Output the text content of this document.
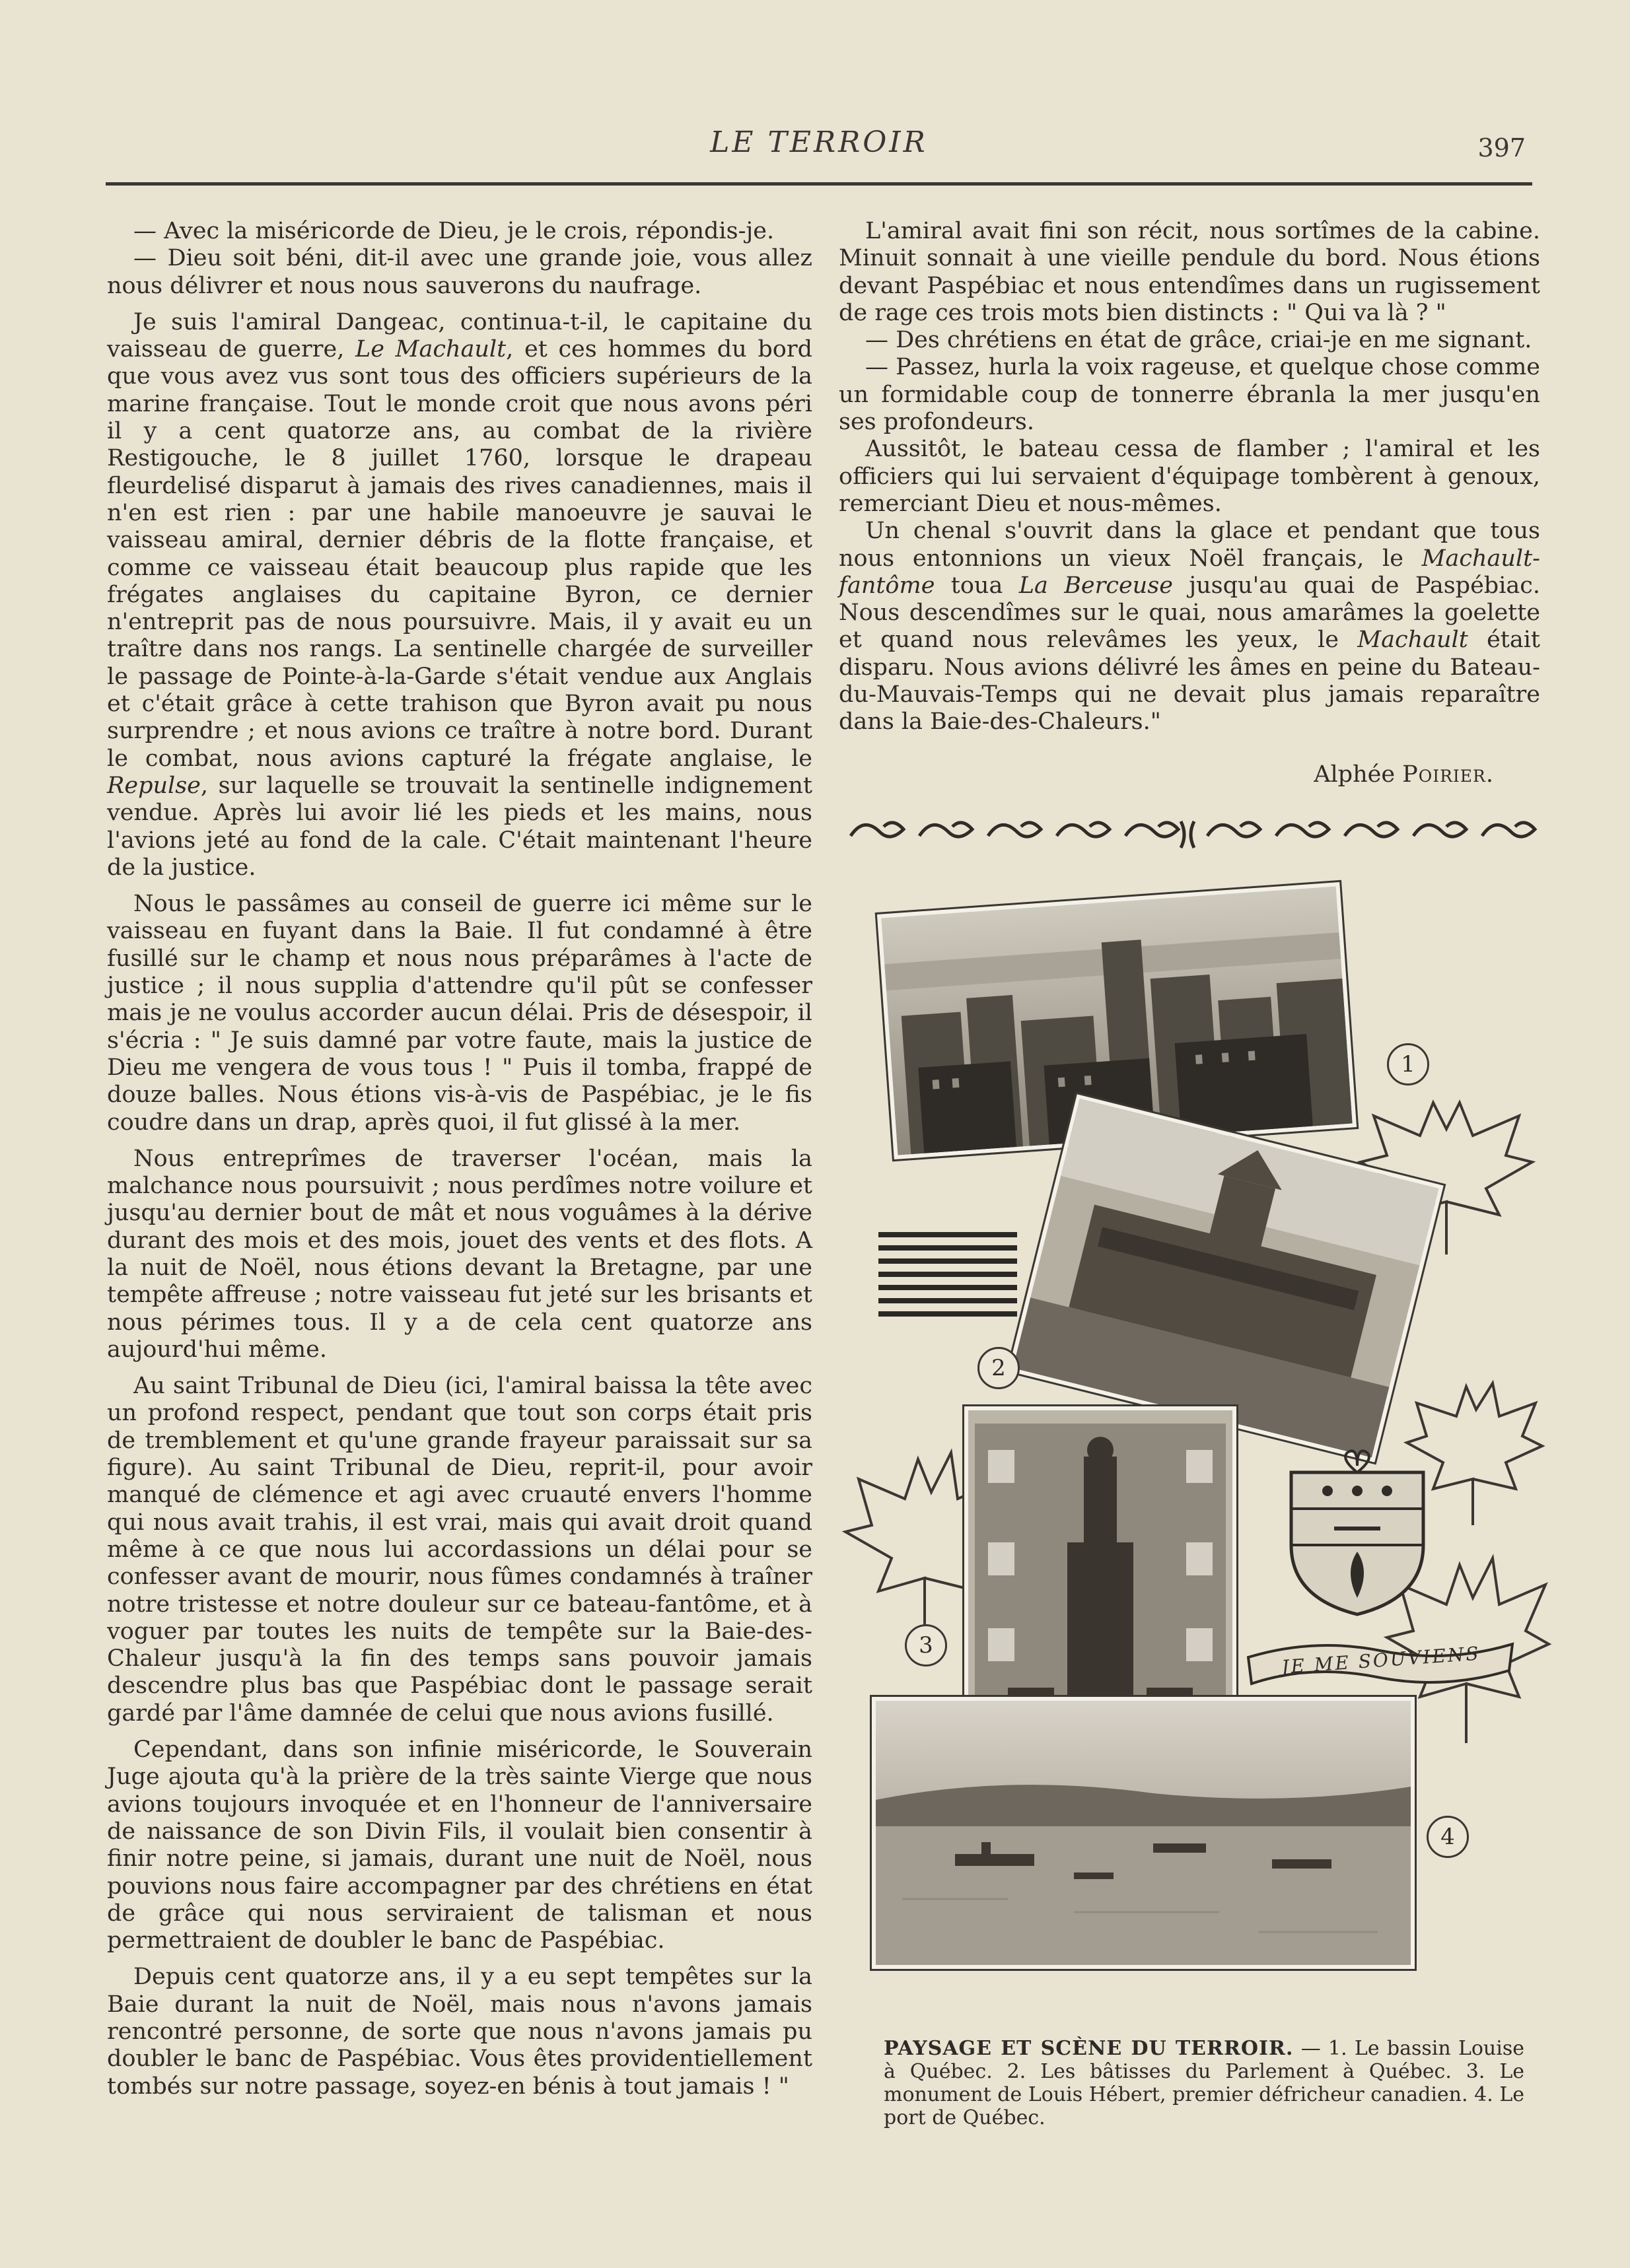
LE TERROIR	397

— Avec la miséricorde de Dieu, je le crois, répondis-je.

— Dieu soit béni, dit-il avec une grande joie, vous allez nous délivrer et nous nous sauverons du naufrage.

Je suis l'amiral Dangeac, continua-t-il, le capitaine du vaisseau de guerre, Le Machault, et ces hommes du bord que vous avez vus sont tous des officiers supérieurs de la marine française. Tout le monde croit que nous avons péri il y a cent quatorze ans, au combat de la rivière Restigouche, le 8 juillet 1760, lorsque le drapeau fleurdelisé disparut à jamais des rives canadiennes, mais il n'en est rien : par une habile manoeuvre je sauvai le vaisseau amiral, dernier débris de la flotte française, et comme ce vaisseau était beaucoup plus rapide que les frégates anglaises du capitaine Byron, ce dernier n'entreprit pas de nous poursuivre. Mais, il y avait eu un traître dans nos rangs. La sentinelle chargée de surveiller le passage de Pointe-à-la-Garde s'était vendue aux Anglais et c'était grâce à cette trahison que Byron avait pu nous surprendre ; et nous avions ce traître à notre bord. Durant le combat, nous avions capturé la frégate anglaise, le Repulse, sur laquelle se trouvait la sentinelle indignement vendue. Après lui avoir lié les pieds et les mains, nous l'avions jeté au fond de la cale. C'était maintenant l'heure de la justice.

Nous le passâmes au conseil de guerre ici même sur le vaisseau en fuyant dans la Baie. Il fut condamné à être fusillé sur le champ et nous nous préparâmes à l'acte de justice ; il nous supplia d'attendre qu'il pût se confesser mais je ne voulus accorder aucun délai. Pris de désespoir, il s'écria : " Je suis damné par votre faute, mais la justice de Dieu me vengera de vous tous ! " Puis il tomba, frappé de douze balles. Nous étions vis-à-vis de Paspébiac, je le fis coudre dans un drap, après quoi, il fut glissé à la mer.

Nous entreprîmes de traverser l'océan, mais la malchance nous poursuivit ; nous perdîmes notre voilure et jusqu'au dernier bout de mât et nous voguâmes à la dérive durant des mois et des mois, jouet des vents et des flots. A la nuit de Noël, nous étions devant la Bretagne, par une tempête affreuse ; notre vaisseau fut jeté sur les brisants et nous périmes tous. Il y a de cela cent quatorze ans aujourd'hui même.

Au saint Tribunal de Dieu (ici, l'amiral baissa la tête avec un profond respect, pendant que tout son corps était pris de tremblement et qu'une grande frayeur paraissait sur sa figure). Au saint Tribunal de Dieu, reprit-il, pour avoir manqué de clémence et agi avec cruauté envers l'homme qui nous avait trahis, il est vrai, mais qui avait droit quand même à ce que nous lui accordassions un délai pour se confesser avant de mourir, nous fûmes condamnés à traîner notre tristesse et notre douleur sur ce bateau-fantôme, et à voguer par toutes les nuits de tempête sur la Baie-des-Chaleur jusqu'à la fin des temps sans pouvoir jamais descendre plus bas que Paspébiac dont le passage serait gardé par l'âme damnée de celui que nous avions fusillé.

Cependant, dans son infinie miséricorde, le Souverain Juge ajouta qu'à la prière de la très sainte Vierge que nous avions toujours invoquée et en l'honneur de l'anniversaire de naissance de son Divin Fils, il voulait bien consentir à finir notre peine, si jamais, durant une nuit de Noël, nous pouvions nous faire accompagner par des chrétiens en état de grâce qui nous serviraient de talisman et nous permettraient de doubler le banc de Paspébiac.

Depuis cent quatorze ans, il y a eu sept tempêtes sur la Baie durant la nuit de Noël, mais nous n'avons jamais rencontré personne, de sorte que nous n'avons jamais pu doubler le banc de Paspébiac. Vous êtes providentiellement tombés sur notre passage, soyez-en bénis à tout jamais ! "

L'amiral avait fini son récit, nous sortîmes de la cabine. Minuit sonnait à une vieille pendule du bord. Nous étions devant Paspébiac et nous entendîmes dans un rugissement de rage ces trois mots bien distincts : " Qui va là ? "

— Des chrétiens en état de grâce, criai-je en me signant.

— Passez, hurla la voix rageuse, et quelque chose comme un formidable coup de tonnerre ébranla la mer jusqu'en ses profondeurs.

Aussitôt, le bateau cessa de flamber ; l'amiral et les officiers qui lui servaient d'équipage tombèrent à genoux, remerciant Dieu et nous-mêmes.

Un chenal s'ouvrit dans la glace et pendant que tous nous entonnions un vieux Noël français, le Machault-fantôme toua La Berceuse jusqu'au quai de Paspébiac. Nous descendîmes sur le quai, nous amarâmes la goelette et quand nous relevâmes les yeux, le Machault était disparu. Nous avions délivré les âmes en peine du Bateau-du-Mauvais-Temps qui ne devait plus jamais reparaître dans la Baie-des-Chaleurs."

Alphée Poirier.
1
2
3	JE ME SOUVIENS
4
PAYSAGE ET SCÈNE DU TERROIR. — 1. Le bassin Louise à Québec. 2. Les bâtisses du Parlement à Québec. 3. Le monument de Louis Hébert, premier défricheur canadien. 4. Le port de Québec.
